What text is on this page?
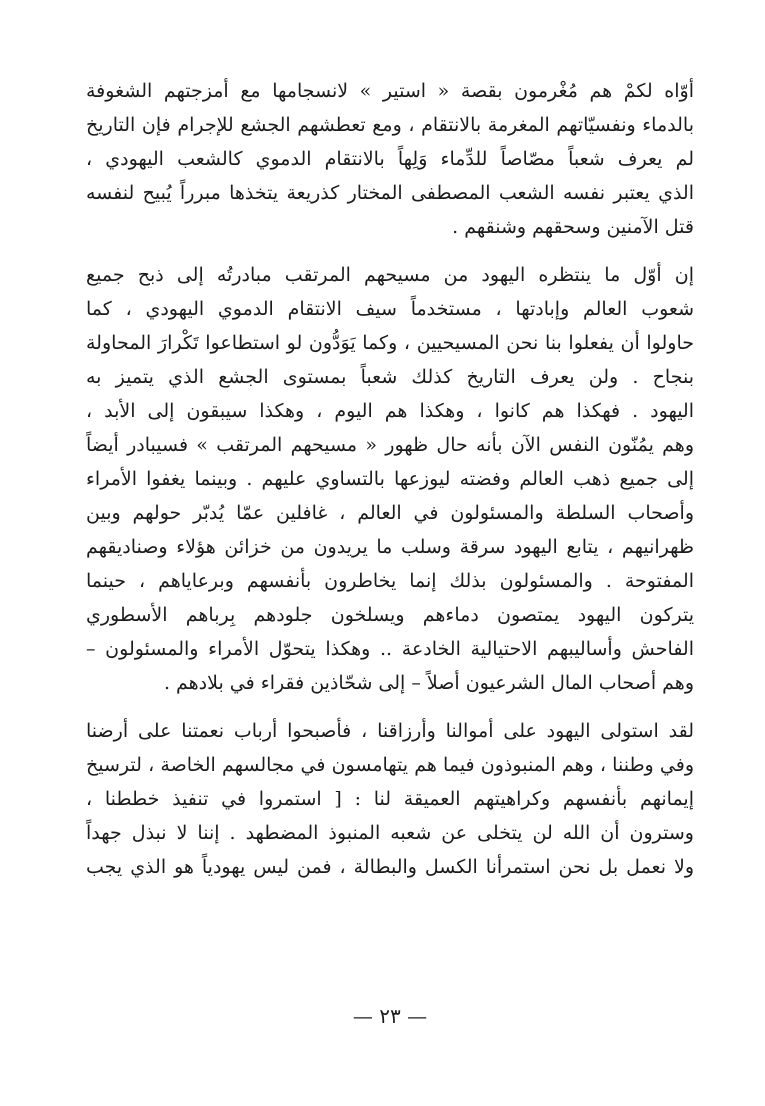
أوّاه لكمْ هم مُغْرمون بقصة « استير » لانسجامها مع أمزجتهم الشغوفة
بالدماء ونفسيّاتهم المغرمة بالانتقام ، ومع تعطشهم الجشع للإجرام فإن التاريخ
لم يعرف شعباً مصّاصاً للدِّماء وَلِهاً بالانتقام الدموي كالشعب اليهودي ،
الذي يعتبر نفسه الشعب المصطفى المختار كذريعة يتخذها مبرراً يُبيح لنفسه
قتل الآمنين وسحقهم وشنقهم .
إن أوّل ما ينتظره اليهود من مسيحهم المرتقب مبادرتُه إلى ذبح جميع
شعوب العالم وإبادتها ، مستخدماً سيف الانتقام الدموي اليهودي ، كما
حاولوا أن يفعلوا بنا نحن المسيحيين ، وكما يَوَدُّون لو استطاعوا تَكْرارَ المحاولة
بنجاح . ولن يعرف التاريخ كذلك شعباً بمستوى الجشع الذي يتميز به
اليهود . فهكذا هم كانوا ، وهكذا هم اليوم ، وهكذا سيبقون إلى الأبد ،
وهم يمُنّون النفس الآن بأنه حال ظهور « مسيحهم المرتقب » فسيبادر أيضاً
إلى جميع ذهب العالم وفضته ليوزعها بالتساوي عليهم . وبينما يغفوا الأمراء
وأصحاب السلطة والمسئولون في العالم ، غافلين عمّا يُدبّر حولهم وبين
ظهرانيهم ، يتابع اليهود سرقة وسلب ما يريدون من خزائن هؤلاء وصناديقهم
المفتوحة . والمسئولون بذلك إنما يخاطرون بأنفسهم وبرعاياهم ، حينما
يتركون اليهود يمتصون دماءهم ويسلخون جلودهم بِرباهم الأسطوري
الفاحش وأساليبهم الاحتيالية الخادعة .. وهكذا يتحوّل الأمراء والمسئولون –
وهم أصحاب المال الشرعيون أصلاً – إلى شحّاذين فقراء في بلادهم .
لقد استولى اليهود على أموالنا وأرزاقنا ، فأصبحوا أرباب نعمتنا على أرضنا
وفي وطننا ، وهم المنبوذون فيما هم يتهامسون في مجالسهم الخاصة ، لترسيخ
إيمانهم بأنفسهم وكراهيتهم العميقة لنا : [ استمروا في تنفيذ خططنا ،
وسترون أن الله لن يتخلى عن شعبه المنبوذ المضطهد . إننا لا نبذل جهداً
ولا نعمل بل نحن استمرأنا الكسل والبطالة ، فمن ليس يهودياً هو الذي يجب
— ٢٣ —
